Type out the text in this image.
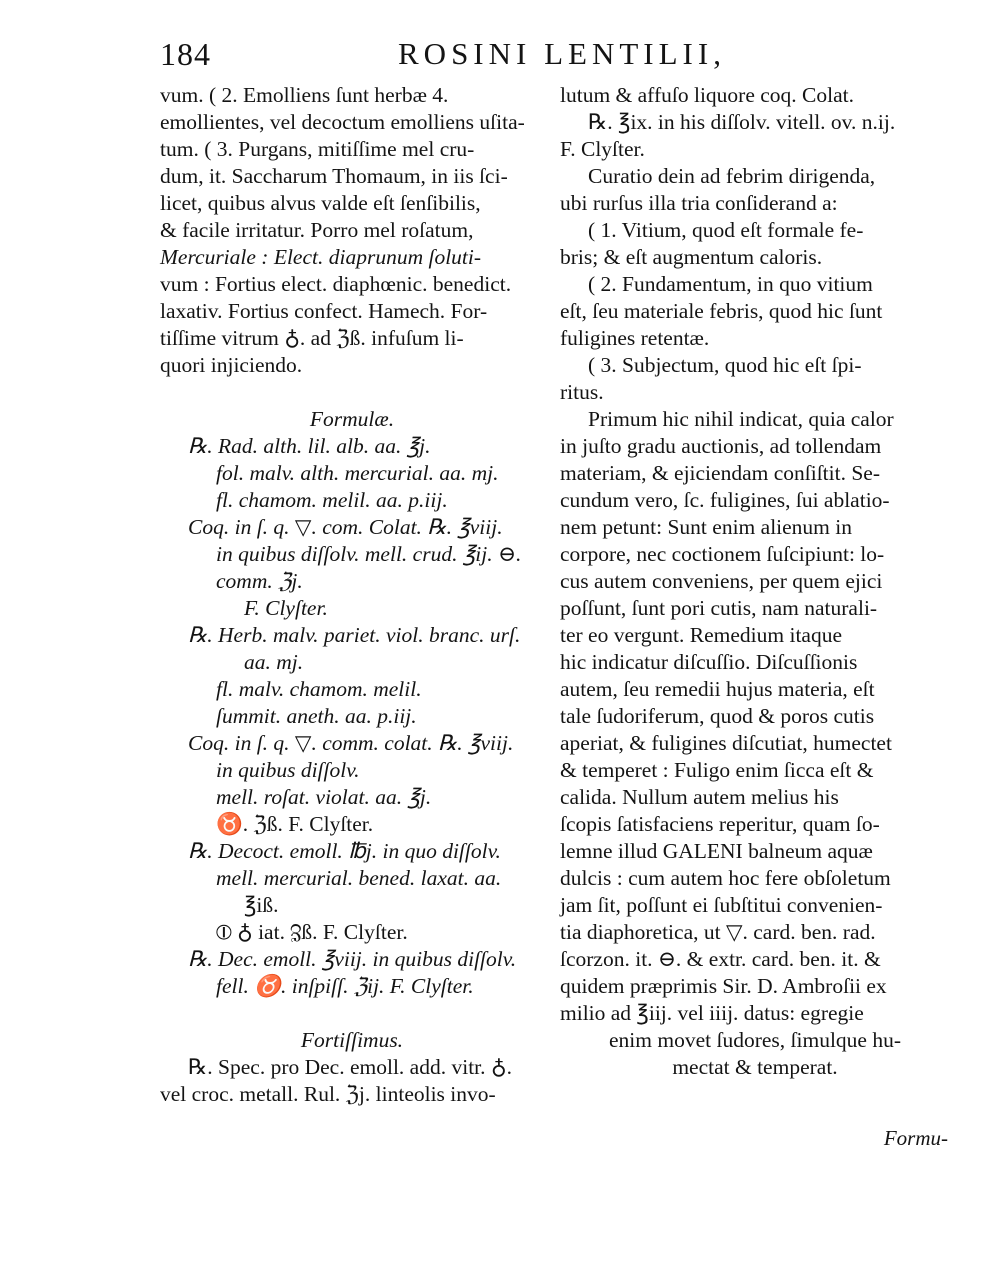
184	ROSINI LENTILII,
vum. ( 2. Emolliens ſunt herbæ 4.
emollientes, vel decoctum emolliens uſita-
tum. ( 3. Purgans, mitiſſime mel cru-
dum, it. Saccharum Thomaum, in iis ſci-
licet, quibus alvus valde eſt ſenſibilis,
& facile irritatur. Porro mel roſatum,
Mercuriale : Elect. diaprunum ſoluti-
vum : Fortius elect. diaphœnic. benedict.
laxativ. Fortius confect. Hamech. For-
tiſſime vitrum ♁. ad ℨß. infuſum li-
quori injiciendo.
Formulæ.
℞. Rad. alth. lil. alb. aa. ℥j.
fol. malv. alth. mercurial. aa. mj.
fl. chamom. melil. aa. p.iij.
Coq. in ſ. q. ▽. com. Colat. ℞. ℥viij.
in quibus diſſolv. mell. crud. ℥ij. ⊖.
comm. ℨj.
F. Clyſter.
℞. Herb. malv. pariet. viol. branc. urſ.
aa. mj.
fl. malv. chamom. melil.
ſummit. aneth. aa. p.iij.
Coq. in ſ. q. ▽. comm. colat. ℞. ℥viij.
in quibus diſſolv.
mell. roſat. violat. aa. ℥j.
♉. ℨß. F. Clyſter.
℞. Decoct. emoll. ℔j. in quo diſſolv.
mell. mercurial. bened. laxat. aa.
℥iß.
⦶ ♁ iat. ℨß. F. Clyſter.
℞. Dec. emoll. ℥viij. in quibus diſſolv.
fell. ♉. inſpiſſ. ℨij. F. Clyſter.
Fortiſſimus.
℞. Spec. pro Dec. emoll. add. vitr. ♁.
vel croc. metall. Rul. ℨj. linteolis invo-
lutum & affuſo liquore coq. Colat.
℞. ℥ix. in his diſſolv. vitell. ov. n.ij.
F. Clyſter.
Curatio dein ad febrim dirigenda,
ubi rurſus illa tria conſiderand a:
( 1. Vitium, quod eſt formale fe-
bris; & eſt augmentum caloris.
( 2. Fundamentum, in quo vitium
eſt, ſeu materiale febris, quod hic ſunt
fuligines retentæ.
( 3. Subjectum, quod hic eſt ſpi-
ritus.
Primum hic nihil indicat, quia calor
in juſto gradu auctionis, ad tollendam
materiam, & ejiciendam conſiſtit. Se-
cundum vero, ſc. fuligines, ſui ablatio-
nem petunt: Sunt enim alienum in
corpore, nec coctionem ſuſcipiunt: lo-
cus autem conveniens, per quem ejici
poſſunt, ſunt pori cutis, nam naturali-
ter eo vergunt. Remedium itaque
hic indicatur diſcuſſio. Diſcuſſionis
autem, ſeu remedii hujus materia, eſt
tale ſudoriferum, quod & poros cutis
aperiat, & fuligines diſcutiat, humectet
& temperet : Fuligo enim ſicca eſt &
calida. Nullum autem melius his
ſcopis ſatisfaciens reperitur, quam ſo-
lemne illud GALENI balneum aquæ
dulcis : cum autem hoc fere obſoletum
jam ſit, poſſunt ei ſubſtitui convenien-
tia diaphoretica, ut ▽. card. ben. rad.
ſcorzon. it. ⊖. & extr. card. ben. it. &
quidem præprimis Sir. D. Ambroſii ex
milio ad ℥iij. vel iiij. datus: egregie
enim movet ſudores, ſimulque hu-
mectat & temperat.
Formu-
